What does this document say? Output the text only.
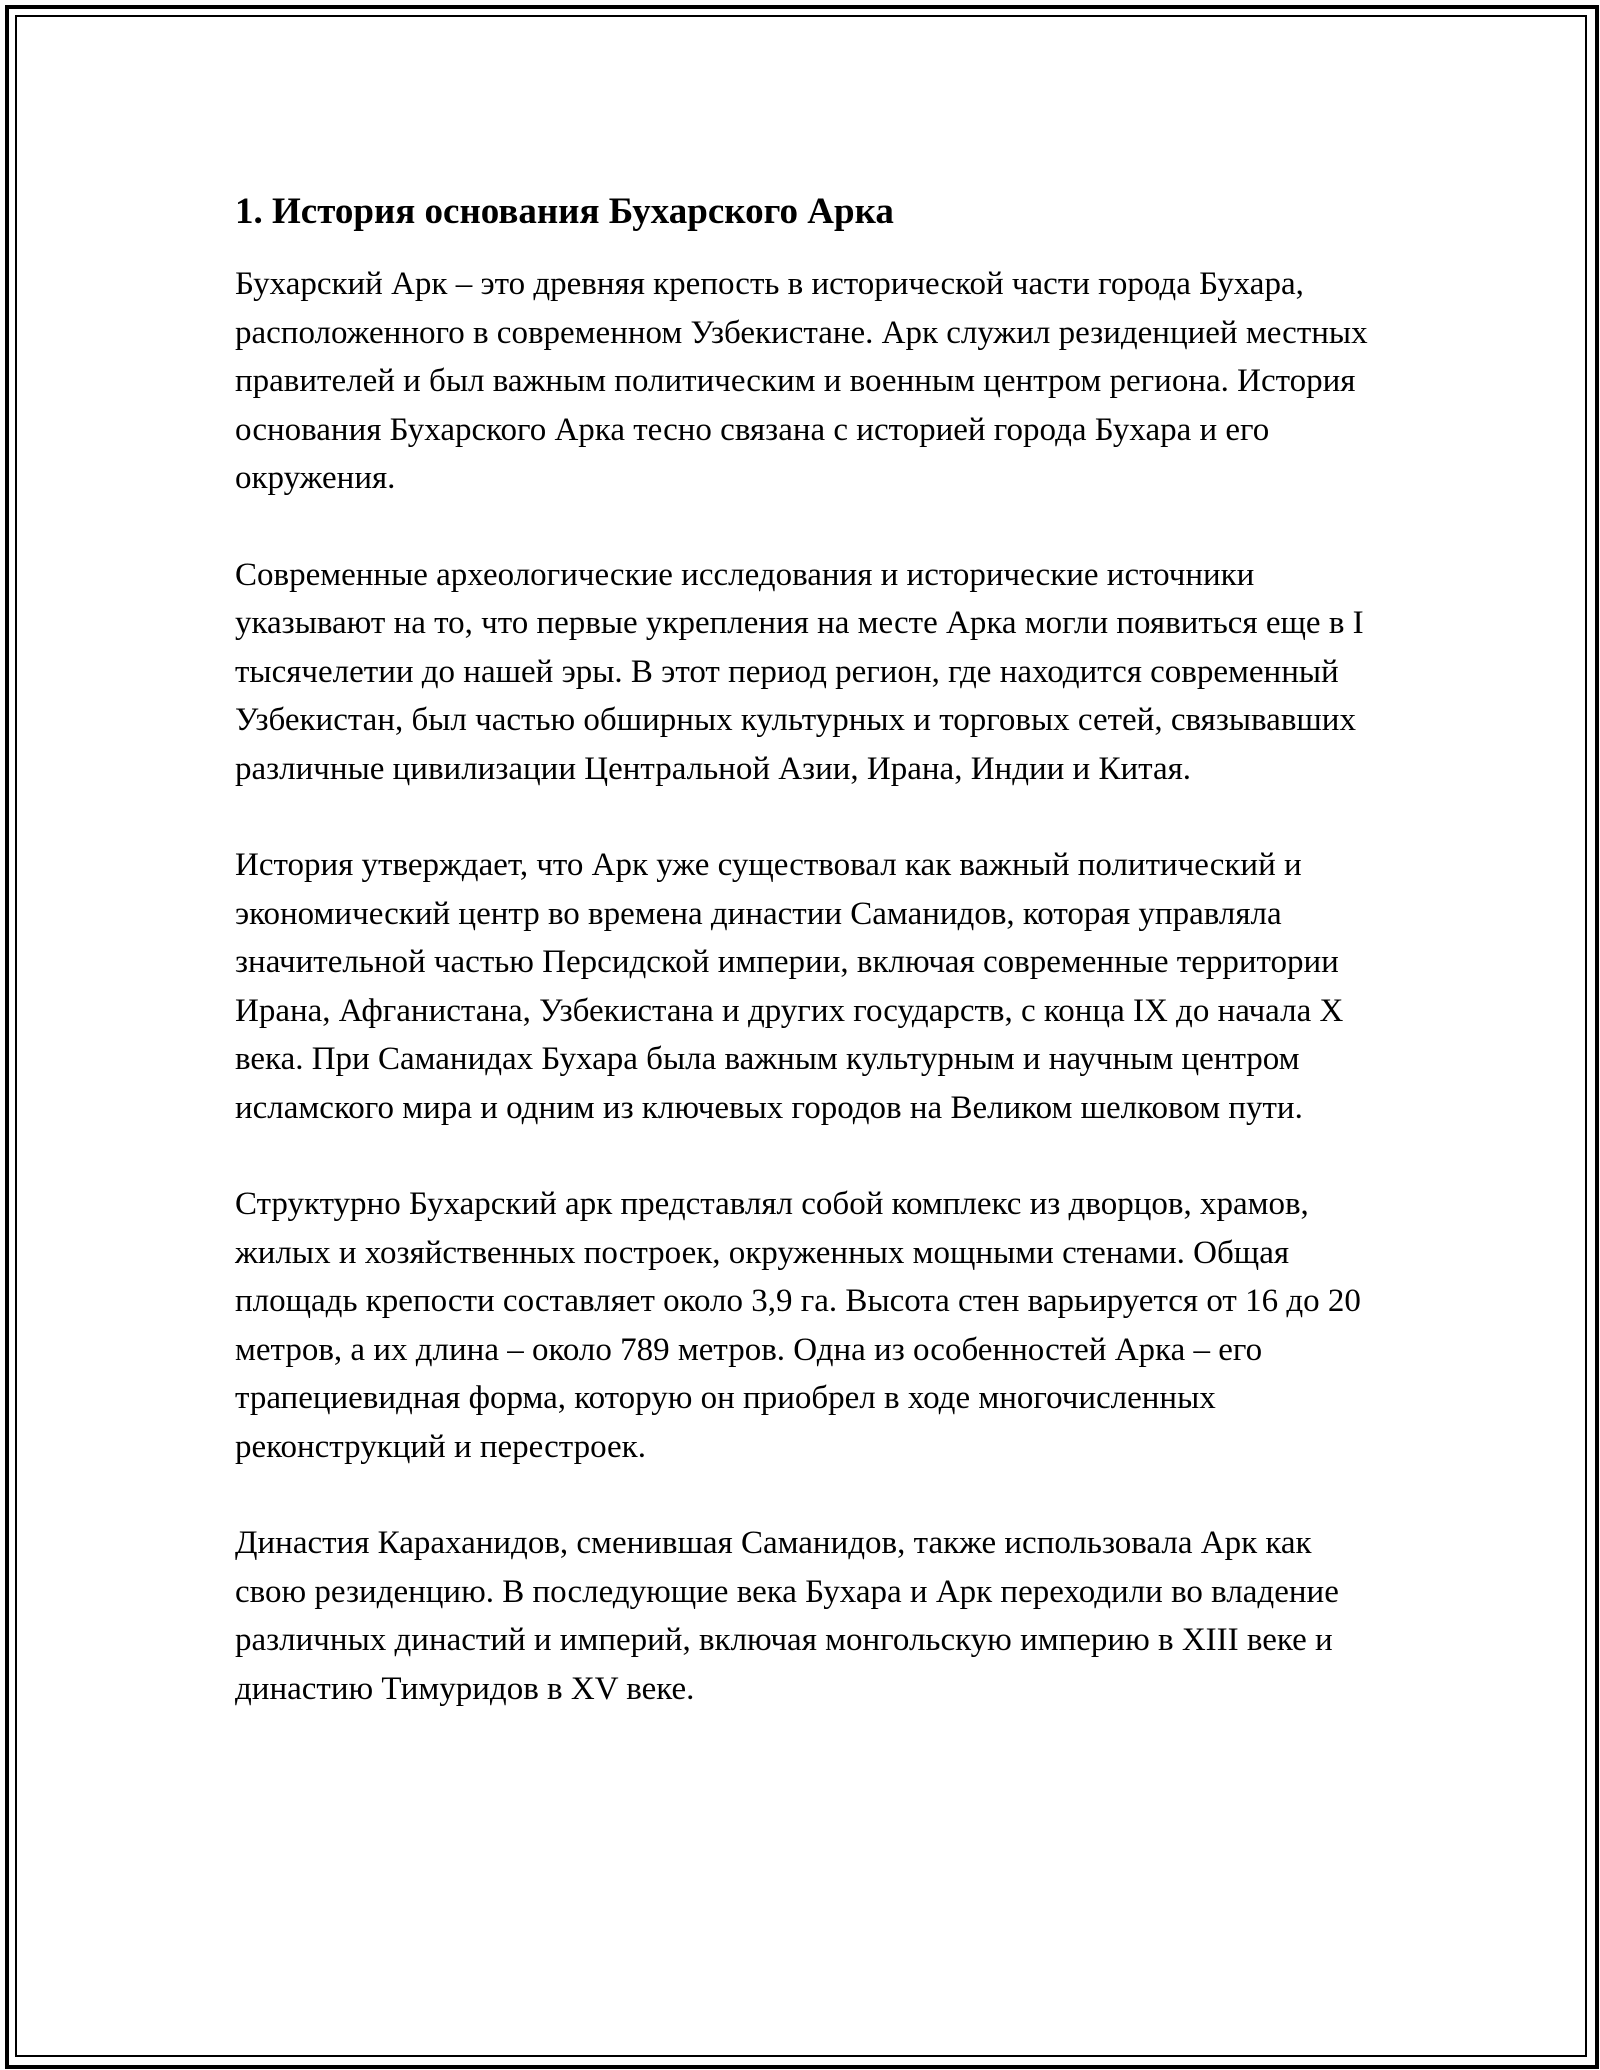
1. История основания Бухарского Арка

Бухарский Арк – это древняя крепость в исторической части города Бухара, расположенного в современном Узбекистане. Арк служил резиденцией местных правителей и был важным политическим и военным центром региона. История основания Бухарского Арка тесно связана с историей города Бухара и его окружения.

Современные археологические исследования и исторические источники указывают на то, что первые укрепления на месте Арка могли появиться еще в I тысячелетии до нашей эры. В этот период регион, где находится современный Узбекистан, был частью обширных культурных и торговых сетей, связывавших различные цивилизации Центральной Азии, Ирана, Индии и Китая.

История утверждает, что Арк уже существовал как важный политический и экономический центр во времена династии Саманидов, которая управляла значительной частью Персидской империи, включая современные территории Ирана, Афганистана, Узбекистана и других государств, с конца IX до начала X века. При Саманидах Бухара была важным культурным и научным центром исламского мира и одним из ключевых городов на Великом шелковом пути.

Структурно Бухарский арк представлял собой комплекс из дворцов, храмов, жилых и хозяйственных построек, окруженных мощными стенами. Общая площадь крепости составляет около 3,9 га. Высота стен варьируется от 16 до 20 метров, а их длина – около 789 метров. Одна из особенностей Арка – его трапециевидная форма, которую он приобрел в ходе многочисленных реконструкций и перестроек.

Династия Караханидов, сменившая Саманидов, также использовала Арк как свою резиденцию. В последующие века Бухара и Арк переходили во владение различных династий и империй, включая монгольскую империю в XIII веке и династию Тимуридов в XV веке.
